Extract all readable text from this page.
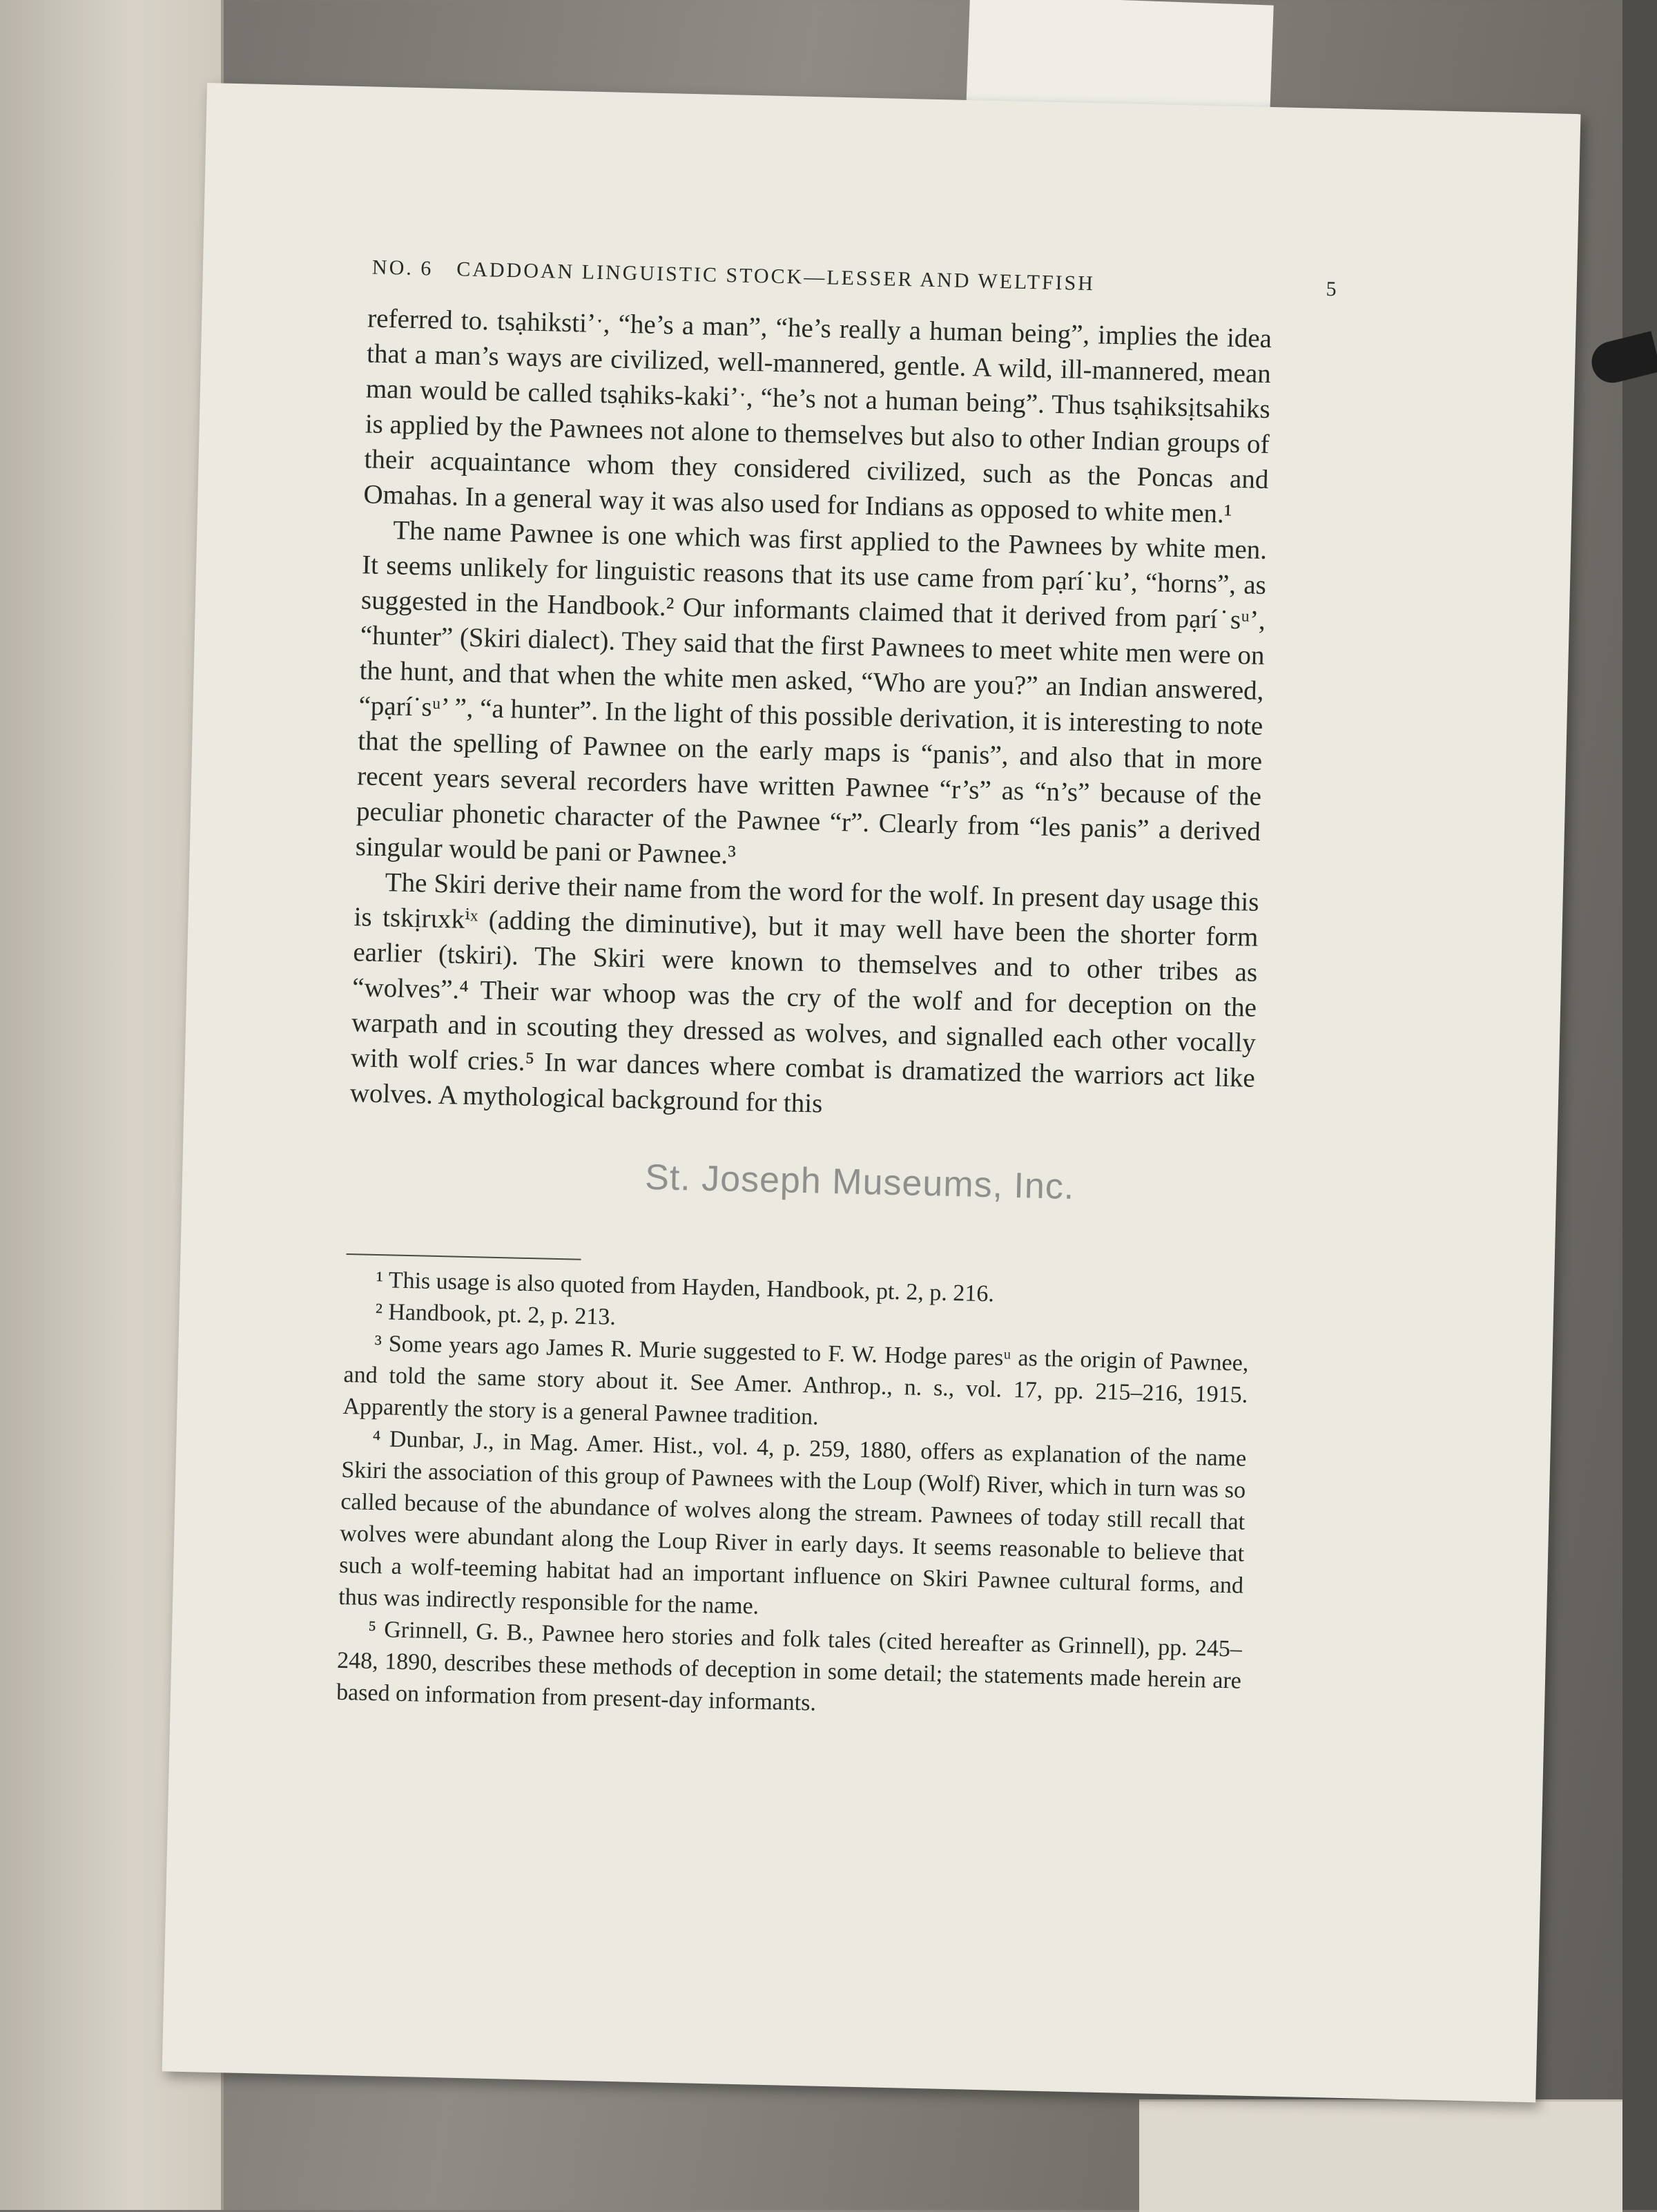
NO. 6 CADDOAN LINGUISTIC STOCK—LESSER AND WELTFISH	5

referred to. tsạhiksti’ˑ, “he’s a man”, “he’s really a human being”, implies the idea that a man’s ways are civilized, well-mannered, gentle. A wild, ill-mannered, mean man would be called tsạhiks-kaki’ˑ, “he’s not a human being”. Thus tsạhiksịtsahiks is applied by the Pawnees not alone to themselves but also to other Indian groups of their acquaintance whom they considered civilized, such as the Poncas and Omahas. In a general way it was also used for Indians as opposed to white men.¹

The name Pawnee is one which was first applied to the Pawnees by white men. It seems unlikely for linguistic reasons that its use came from pạrí˙ku’, “horns”, as suggested in the Handbook.² Our informants claimed that it derived from pạrí˙sᵘ’, “hunter” (Skiri dialect). They said that the first Pawnees to meet white men were on the hunt, and that when the white men asked, “Who are you?” an Indian answered, “pạrí˙sᵘ’ ”, “a hunter”. In the light of this possible derivation, it is interesting to note that the spelling of Pawnee on the early maps is “panis”, and also that in more recent years several recorders have written Pawnee “r’s” as “n’s” because of the peculiar phonetic character of the Pawnee “r”. Clearly from “les panis” a derived singular would be pani or Pawnee.³

The Skiri derive their name from the word for the wolf. In present day usage this is tskịrɩxkⁱˣ (adding the diminutive), but it may well have been the shorter form earlier (tskiri). The Skiri were known to themselves and to other tribes as “wolves”.⁴ Their war whoop was the cry of the wolf and for deception on the warpath and in scouting they dressed as wolves, and signalled each other vocally with wolf cries.⁵ In war dances where combat is dramatized the warriors act like wolves. A mythological background for this

St. Joseph Museums, Inc.

¹ This usage is also quoted from Hayden, Handbook, pt. 2, p. 216.

² Handbook, pt. 2, p. 213.

³ Some years ago James R. Murie suggested to F. W. Hodge paresᵘ as the origin of Pawnee, and told the same story about it. See Amer. Anthrop., n. s., vol. 17, pp. 215–216, 1915. Apparently the story is a general Pawnee tradition.

⁴ Dunbar, J., in Mag. Amer. Hist., vol. 4, p. 259, 1880, offers as explanation of the name Skiri the association of this group of Pawnees with the Loup (Wolf) River, which in turn was so called because of the abundance of wolves along the stream. Pawnees of today still recall that wolves were abundant along the Loup River in early days. It seems reasonable to believe that such a wolf-teeming habitat had an important influence on Skiri Pawnee cultural forms, and thus was indirectly responsible for the name.

⁵ Grinnell, G. B., Pawnee hero stories and folk tales (cited hereafter as Grinnell), pp. 245–248, 1890, describes these methods of deception in some detail; the statements made herein are based on information from present-day informants.
